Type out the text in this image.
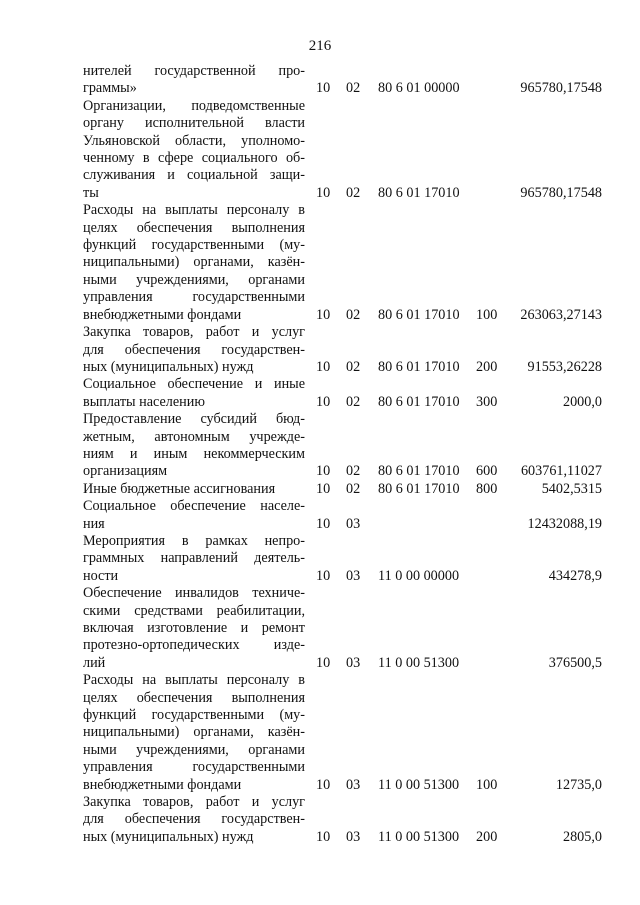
216
нителей государственной про-
граммы»	10 02 80 6 01 00000	965780,17548
Организации, подведомственные
органу исполнительной власти
Ульяновской области, уполномо-
ченному в сфере социального об-
служивания и социальной защи-
ты	10 02 80 6 01 17010	965780,17548
Расходы на выплаты персоналу в
целях обеспечения выполнения
функций государственными (му-
ниципальными) органами, казён-
ными учреждениями, органами
управления государственными
внебюджетными фондами	10 02 80 6 01 17010 100 263063,27143
Закупка товаров, работ и услуг
для обеспечения государствен-
ных (муниципальных) нужд	10 02 80 6 01 17010 200 91553,26228
Социальное обеспечение и иные
выплаты населению	10 02 80 6 01 17010 300	2000,0
Предоставление субсидий бюд-
жетным, автономным учрежде-
ниям и иным некоммерческим
организациям	10 02 80 6 01 17010 600 603761,11027
Иные бюджетные ассигнования	10 02 80 6 01 17010 800	5402,5315
Социальное обеспечение населе-
ния	10 03	12432088,19
Мероприятия в рамках непро-
граммных направлений деятель-
ности	10 03 11 0 00 00000	434278,9
Обеспечение инвалидов техниче-
скими средствами реабилитации,
включая изготовление и ремонт
протезно-ортопедических изде-
лий	10 03 11 0 00 51300	376500,5
Расходы на выплаты персоналу в
целях обеспечения выполнения
функций государственными (му-
ниципальными) органами, казён-
ными учреждениями, органами
управления государственными
внебюджетными фондами	10 03 11 0 00 51300 100	12735,0
Закупка товаров, работ и услуг
для обеспечения государствен-
ных (муниципальных) нужд	10 03 11 0 00 51300 200	2805,0
